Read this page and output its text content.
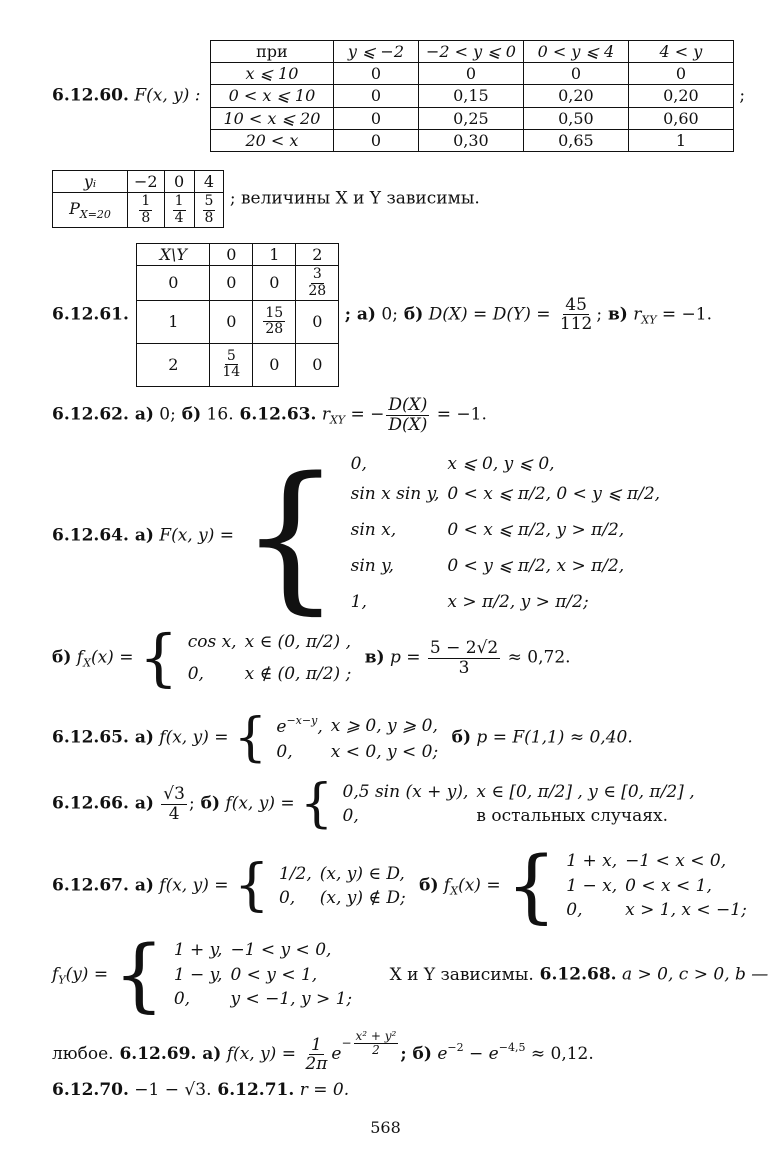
6.12.60. F(x, y) : при	y ⩽ −2	−2 < y ⩽ 0	0 < y ⩽ 4	4 < y
x ⩽ 10	0	0	0	0
0 < x ⩽ 10	0	0,15	0,20	0,20
10 < x ⩽ 20	0	0,25	0,50	0,60
20 < x	0	0,30	0,65	1 ;
yᵢ	−2	0	4
$P_{X=20}$	$\frac{1}{8}$	$\frac{1}{4}$	$\frac{5}{8}$ ; величины X и Y зависимы.
6.12.61. X\Y	0	1	2
0	0	0	$\frac{3}{28}$

1	0	$\frac{15}{28}$	0
2	$\frac{5}{14}$	0	0 ; а) 0; б) $D(X) = D(Y) = \frac{45}{112}$ ; в) $r_{XY} = -1$.
6.12.62. а) 0; б) 16. 6.12.63. $r_{XY}$ = − $\frac{D(X)}{D(X)} = -1$.
6.12.64. а) F(x, y) = { 0,	x ⩽ 0, y ⩽ 0,
sin x sin y,	0 < x ⩽ π/2, 0 < y ⩽ π/2,
sin x,	0 < x ⩽ π/2, y > π/2,
sin y,	0 < y ⩽ π/2, x > π/2,
1,	x > π/2, y > π/2;
б) $f_X(x)$ = { cos x,	x ∈ (0, π/2) ,
0,	x ∉ (0, π/2) ;
в) $p = \frac{5 - 2√2}{3} \approx 0,72$.
6.12.65. а) f(x, y) = { $e^{-x-y}$,	x ⩾ 0, y ⩾ 0,
0,	x < 0, y < 0;
б) p = F(1,1) ≈ 0,40.
6.12.66. $а) \frac{√3}{4}$ ; б) f(x, y) = { 0,5 sin (x + y),	x ∈ [0, π/2] , y ∈ [0, π/2] ,
0,	в остальных случаях.
6.12.67. а) f(x, y) = { 1/2,	(x, y) ∈ D,
0,	(x, y) ∉ D;
б) $f_X(x)$ = { 1 + x,	−1 < x < 0,
1 − x,	0 < x < 1,
0,	x > 1, x < −1;
$f_Y(y)$ = { 1 + y,	−1 < y < 0,
1 − y,	0 < y < 1,
0,	y < −1, y > 1;
X и Y зависимы. 6.12.68. a > 0, c > 0, b —
любое. 6.12.69. а) f(x, $y) = \frac{1}{2\pi} e- \frac{\text{x² + y²}}{2}$ ; б) $e^{-2} - e^{-4,5} \approx 0,12$.
6.12.70. −1 − √3. 6.12.71. r = 0.
568
